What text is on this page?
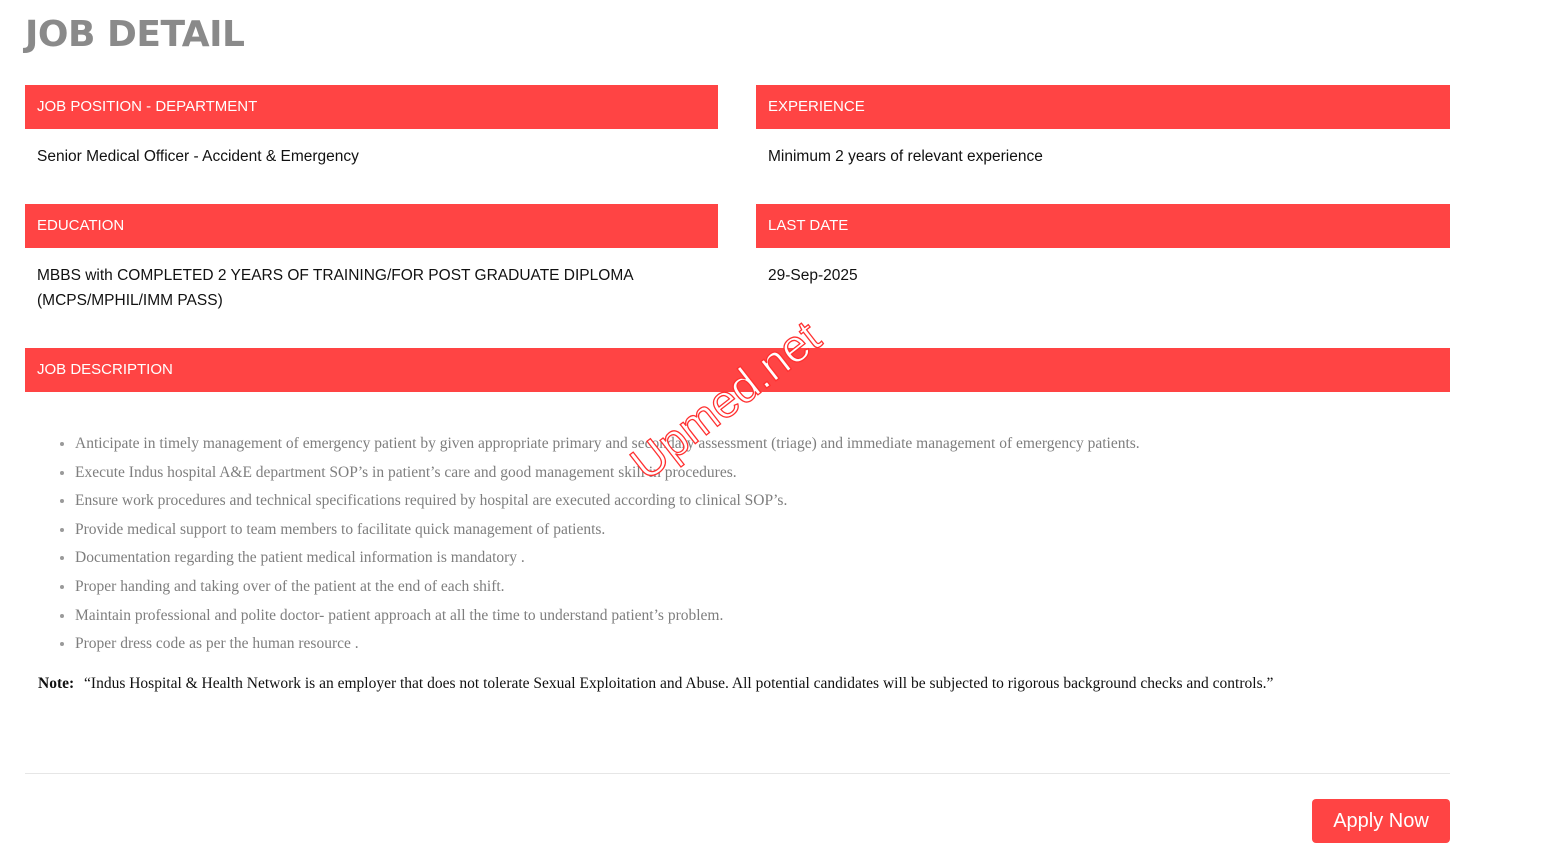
JOB DETAIL
JOB POSITION - DEPARTMENT
Senior Medical Officer - Accident & Emergency
EXPERIENCE
Minimum 2 years of relevant experience
EDUCATION
MBBS with COMPLETED 2 YEARS OF TRAINING/FOR POST GRADUATE DIPLOMA (MCPS/MPHIL/IMM PASS)
LAST DATE
29-Sep-2025
JOB DESCRIPTION
• Anticipate in timely management of emergency patient by given appropriate primary and secondary assessment (triage) and immediate management of emergency patients.
• Execute Indus hospital A&E department SOP’s in patient’s care and good management skill in procedures.
• Ensure work procedures and technical specifications required by hospital are executed according to clinical SOP’s.
• Provide medical support to team members to facilitate quick management of patients.
• Documentation regarding the patient medical information is mandatory .
• Proper handing and taking over of the patient at the end of each shift.
• Maintain professional and polite doctor- patient approach at all the time to understand patient’s problem.
• Proper dress code as per the human resource .
Note: “Indus Hospital & Health Network is an employer that does not tolerate Sexual Exploitation and Abuse. All potential candidates will be subjected to rigorous background checks and controls.”
Apply Now
Upmed.net
